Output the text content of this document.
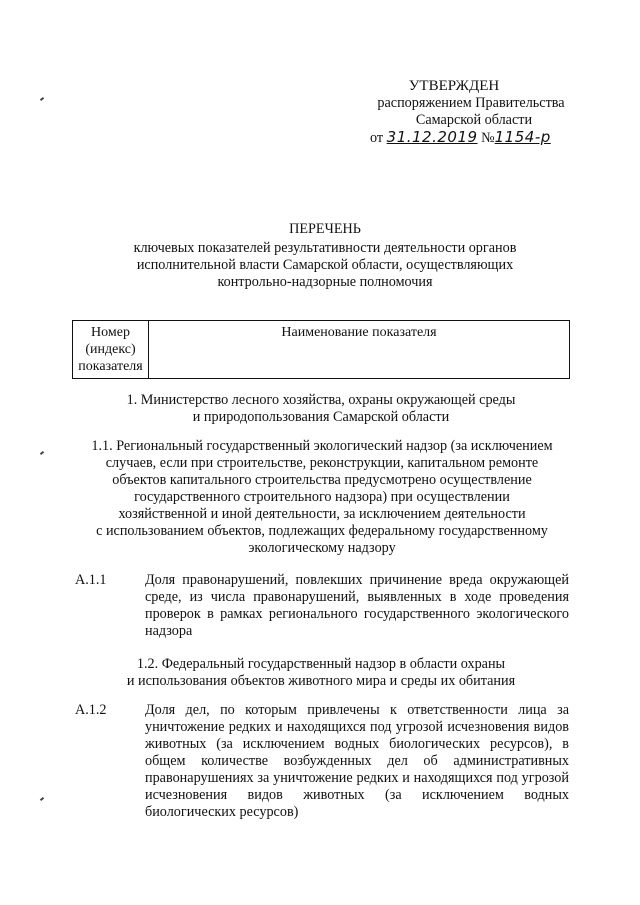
УТВЕРЖДЕН
распоряжением Правительства
Самарской области
от 31.12.2019 №1154-р
ПЕРЕЧЕНЬ
ключевых показателей результативности деятельности органов
исполнительной власти Самарской области, осуществляющих
контрольно-надзорные полномочия
Номер
(индекс)
показателя
	Наименование показателя
1. Министерство лесного хозяйства, охраны окружающей среды
и природопользования Самарской области
1.1. Региональный государственный экологический надзор (за исключением
случаев, если при строительстве, реконструкции, капитальном ремонте
объектов капитального строительства предусмотрено осуществление
государственного строительного надзора) при осуществлении
хозяйственной и иной деятельности, за исключением деятельности
с использованием объектов, подлежащих федеральному государственному
экологическому надзору
А.1.1	Доля правонарушений, повлекших причинение вреда окружающей среде, из числа правонарушений, выявленных в ходе проведения проверок в рамках регионального государственного экологического надзора
1.2. Федеральный государственный надзор в области охраны
и использования объектов животного мира и среды их обитания
А.1.2	Доля дел, по которым привлечены к ответственности лица за уничтожение редких и находящихся под угрозой исчезновения видов животных (за исключением водных биологических ресурсов), в общем количестве возбужденных дел об административных правонарушениях за уничтожение редких и находящихся под угрозой исчезновения видов животных (за исключением водных биологических ресурсов)
